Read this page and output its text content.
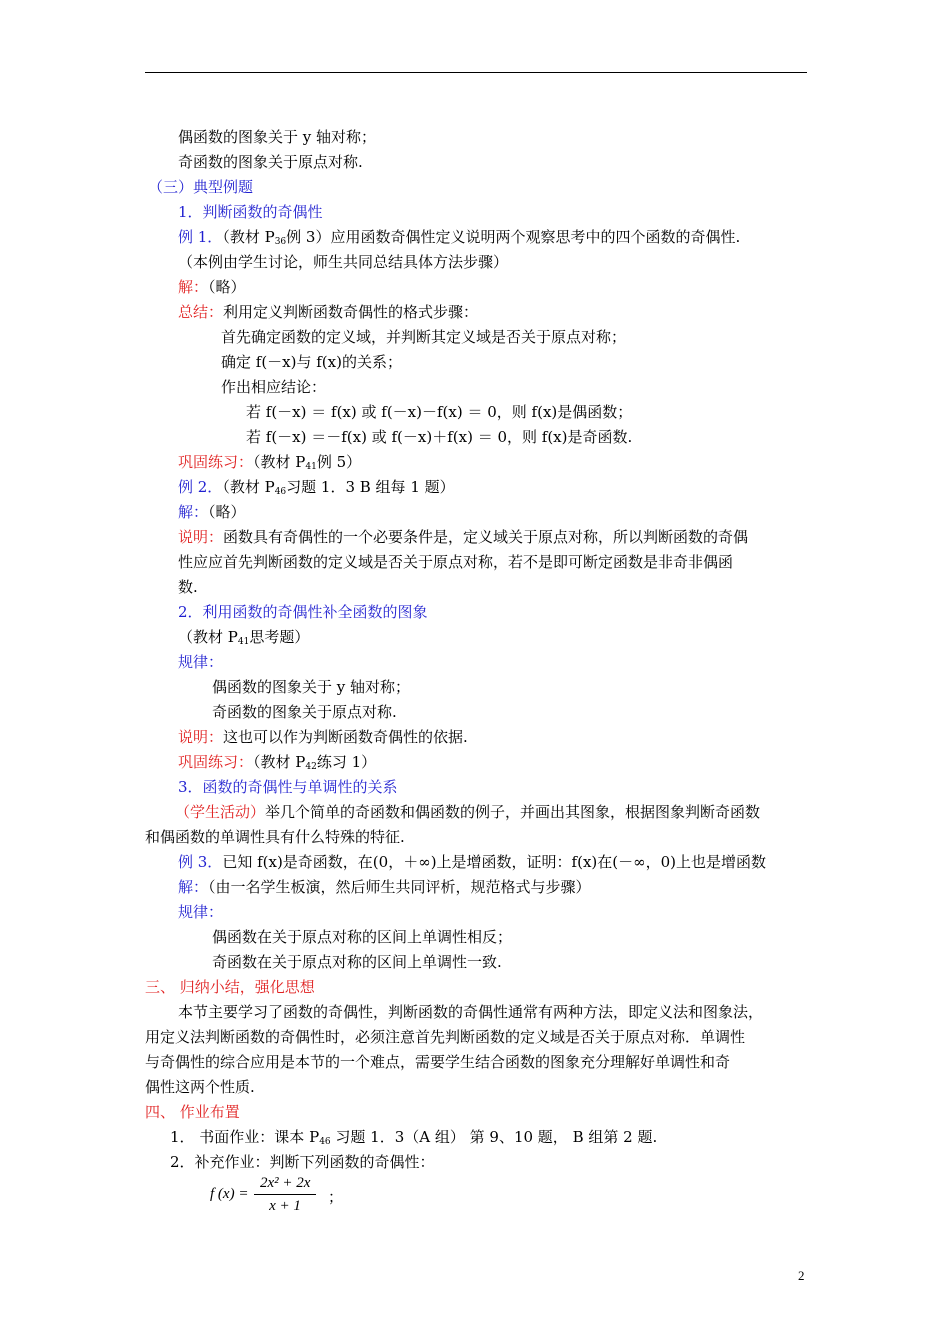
偶函数的图象关于 y 轴对称；
奇函数的图象关于原点对称.
（三）典型例题
1．判断函数的奇偶性
例 1．（教材 $P_{36}$例 3）应用函数奇偶性定义说明两个观察思考中的四个函数的奇偶性.
（本例由学生讨论，师生共同总结具体方法步骤）
解：（略）
总结：利用定义判断函数奇偶性的格式步骤：
首先确定函数的定义域，并判断其定义域是否关于原点对称；
确定 f(－x)与 f(x)的关系；
作出相应结论：
若 f(－x) ＝ f(x) 或 f(－x)－f(x) ＝ 0，则 f(x)是偶函数；
若 f(－x) ＝－f(x) 或 f(－x)＋f(x) ＝ 0，则 f(x)是奇函数.
巩固练习：（教材 $P_{41}$例 5）
例 2．（教材 $P_{46}$习题 1．3 B 组每 1 题）
解：（略）
说明：函数具有奇偶性的一个必要条件是，定义域关于原点对称，所以判断函数的奇偶
性应应首先判断函数的定义域是否关于原点对称，若不是即可断定函数是非奇非偶函
数.
2．利用函数的奇偶性补全函数的图象
（教材 $P_{41}$思考题）
规律：
偶函数的图象关于 y 轴对称；
奇函数的图象关于原点对称.
说明：这也可以作为判断函数奇偶性的依据.
巩固练习：（教材 $P_{42}$练习 1）
3．函数的奇偶性与单调性的关系
（学生活动）举几个简单的奇函数和偶函数的例子，并画出其图象，根据图象判断奇函数
和偶函数的单调性具有什么特殊的特征.
例 3．已知 f(x)是奇函数，在(0，＋∞)上是增函数，证明：f(x)在(－∞，0)上也是增函数
解：（由一名学生板演，然后师生共同评析，规范格式与步骤）
规律：
偶函数在关于原点对称的区间上单调性相反；
奇函数在关于原点对称的区间上单调性一致.
三、 归纳小结，强化思想
本节主要学习了函数的奇偶性，判断函数的奇偶性通常有两种方法，即定义法和图象法，
用定义法判断函数的奇偶性时，必须注意首先判断函数的定义域是否关于原点对称．单调性
与奇偶性的综合应用是本节的一个难点，需要学生结合函数的图象充分理解好单调性和奇
偶性这两个性质.
四、 作业布置
1． 书面作业：课本 $P_{46}$ 习题 1．3（A 组） 第 9、10 题， B 组第 2 题.
2．补充作业：判断下列函数的奇偶性：
f (x) =
2x² + 2x
x + 1	；
2
